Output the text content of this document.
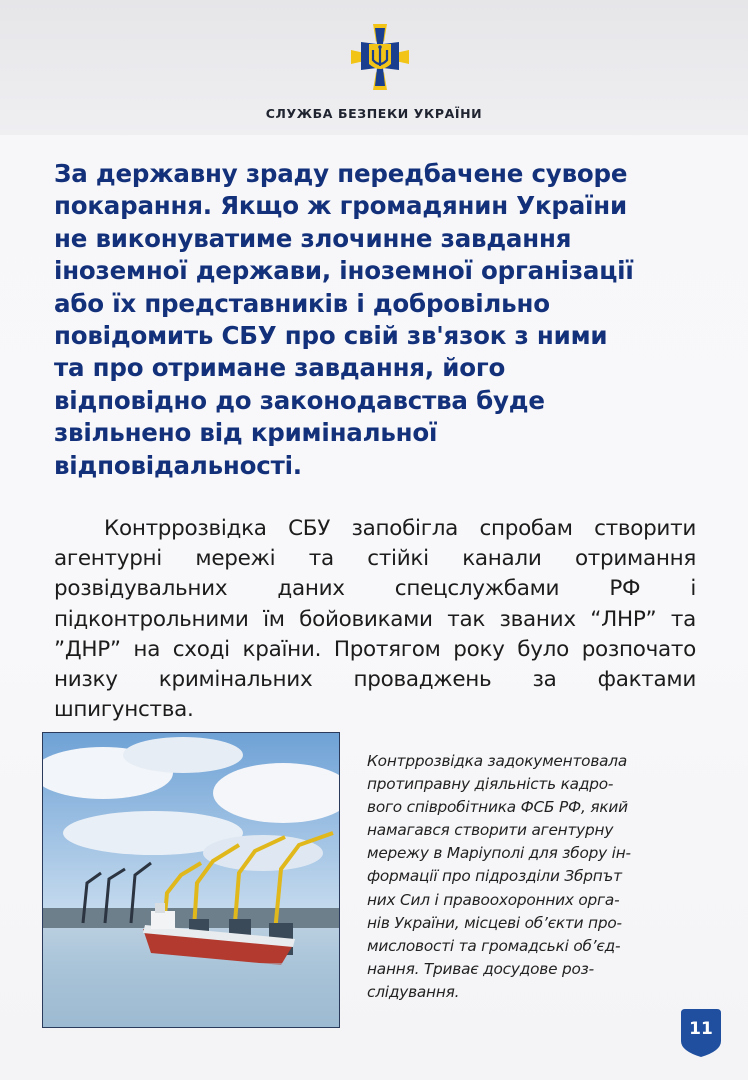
СЛУЖБА БЕЗПЕКИ УКРАЇНИ
За державну зраду передбачене суворе
покарання. Якщо ж громадянин України
не виконуватиме злочинне завдання
іноземної держави, іноземної організації
або їх представників і добровільно
повідомить СБУ про свій зв'язок з ними
та про отримане завдання, його
відповідно до законодавства буде
звільнено від кримінальної
відповідальності.
Контррозвідка СБУ запобігла спробам створити агентурні мережі та стійкі канали отримання розвідувальних даних спецслужбами РФ і підконтрольними їм бойовиками так званих “ЛНР” та ”ДНР” на сході країни. Протягом року було розпочато низку кримінальних проваджень за фактами шпигунства.
Контррозвідка задокументовала
протиправну діяльність кадро-
вого співробітника ФСБ РФ, який
намагався створити агентурну
мережу в Маріуполі для збору ін-
формації про підрозділи Збрпът
них Сил і правоохоронних орга-
нів України, місцеві об’єкти про-
мисловості та громадські об’єд-
нання. Триває досудове роз-
слідування.
11
